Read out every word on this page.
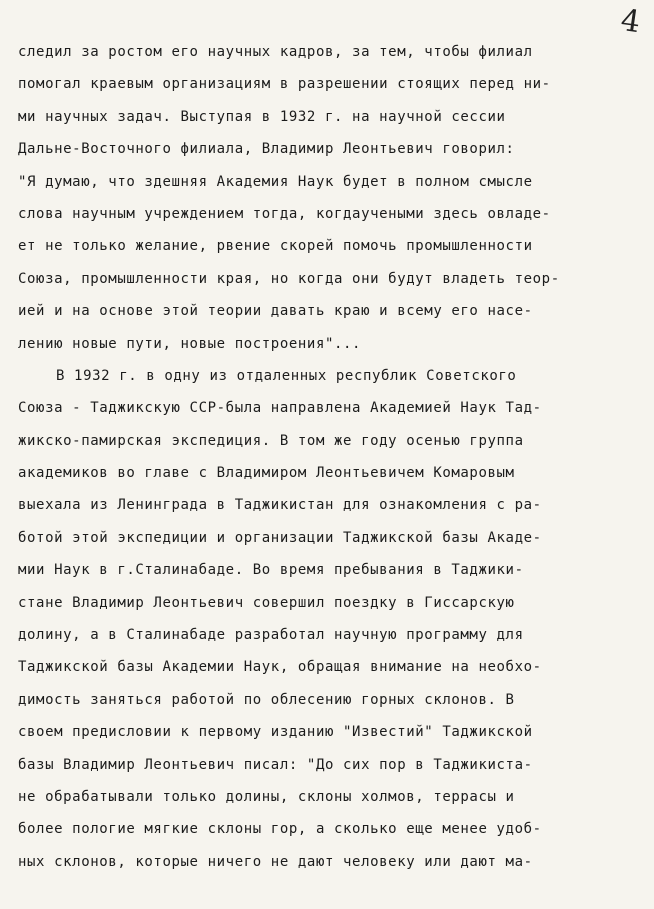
4
следил за ростом его научных кадров, за тем, чтобы филиал
помогал краевым организациям в разрешении стоящих перед ни-
ми научных задач. Выступая в 1932 г. на научной сессии
Дальне-Восточного филиала, Владимир Леонтьевич говорил:
"Я думаю, что здешняя Академия Наук будет в полном смысле
слова научным учреждением тогда, когдаучеными здесь овладе-
ет не только желание, рвение скорей помочь промышленности
Союза, промышленности края, но когда они будут владеть теор-
ией и на основе этой теории давать краю и всему его насе-
лению новые пути, новые построения"...
В 1932 г. в одну из отдаленных республик Советского
Союза - Таджикскую ССР-была направлена Академией Наук Тад-
жикско-памирская экспедиция. В том же году осенью группа
академиков во главе с Владимиром Леонтьевичем Комаровым
выехала из Ленинграда в Таджикистан для ознакомления с ра-
ботой этой экспедиции и организации Таджикской базы Акаде-
мии Наук в г.Сталинабаде. Во время пребывания в Таджики-
стане Владимир Леонтьевич совершил поездку в Гиссарскую
долину, а в Сталинабаде разработал научную программу для
Таджикской базы Академии Наук, обращая внимание на необхо-
димость заняться работой по облесению горных склонов. В
своем предисловии к первому изданию "Известий" Таджикской
базы Владимир Леонтьевич писал: "До сих пор в Таджикиста-
не обрабатывали только долины, склоны холмов, террасы и
более пологие мягкие склоны гор, а сколько еще менее удоб-
ных склонов, которые ничего не дают человеку или дают ма-
